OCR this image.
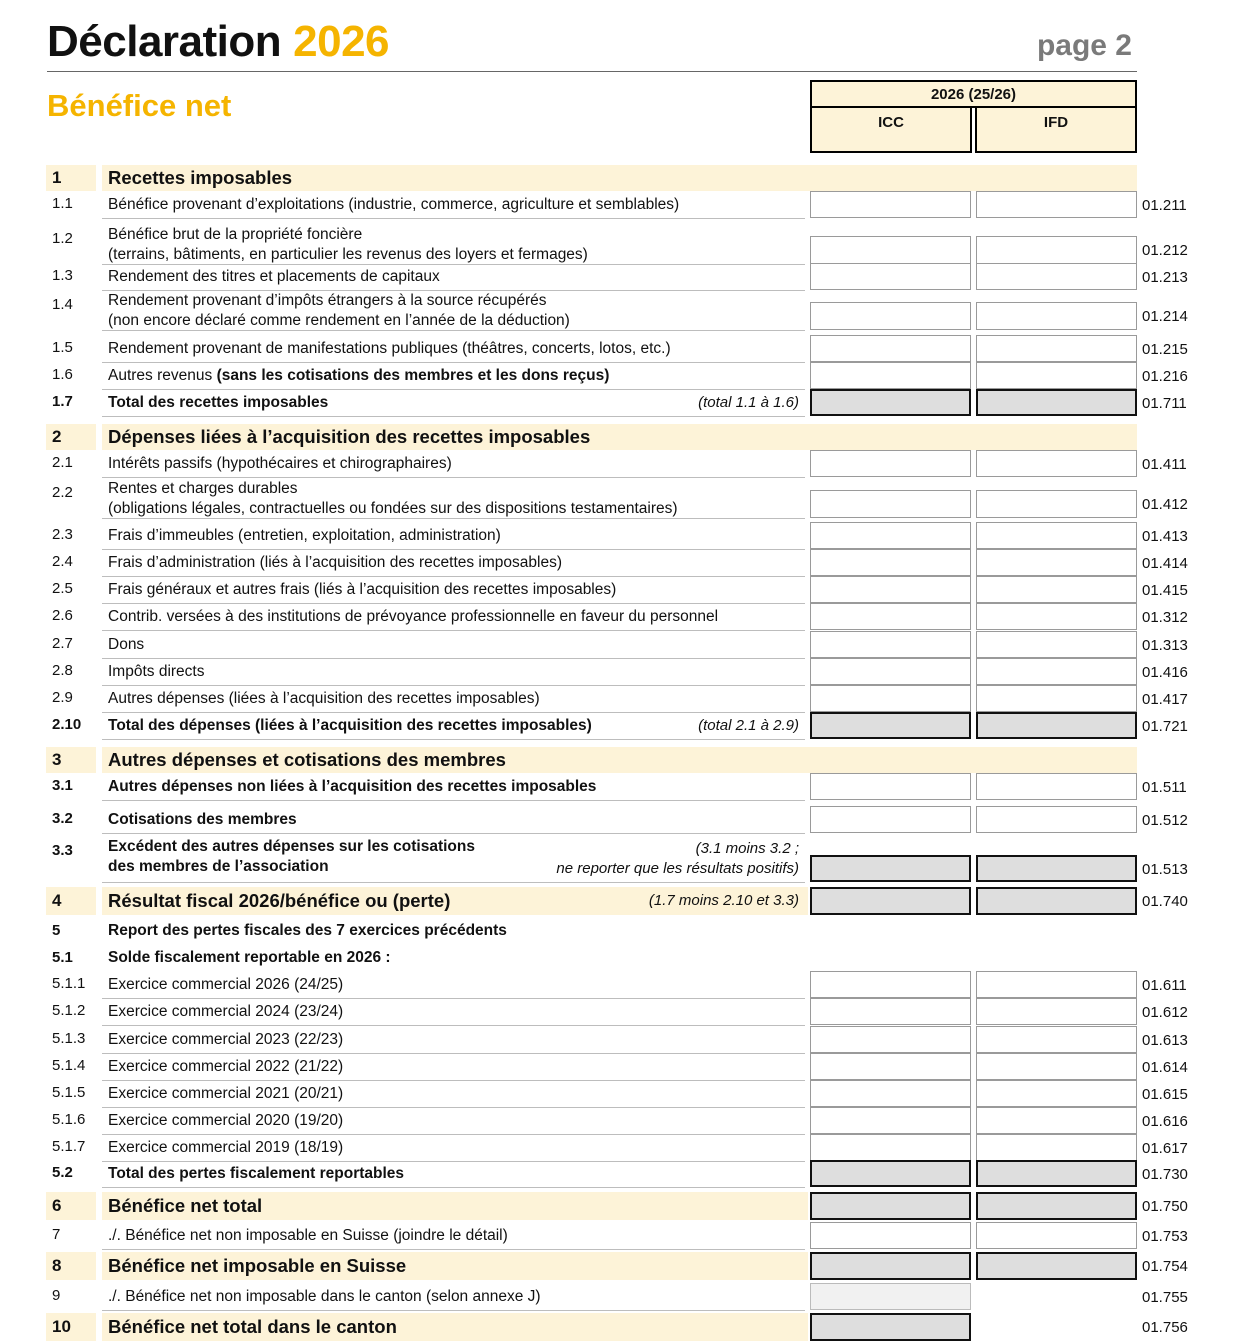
Déclaration 2026	page 2
Bénéfice net	2026 (25/26)
ICC	IFD
1	Recettes imposables
1.1 Bénéfice provenant d’exploitations (industrie, commerce, agriculture et semblables)	01.211
1.2 Bénéfice brut de la propriété foncière
(terrains, bâtiments, en particulier les revenus des loyers et fermages)	01.212
1.3 Rendement des titres et placements de capitaux	01.213
1.4 Rendement provenant d’impôts étrangers à la source récupérés
(non encore déclaré comme rendement en l’année de la déduction)	01.214
1.5 Rendement provenant de manifestations publiques (théâtres, concerts, lotos, etc.)	01.215
1.6 Autres revenus (sans les cotisations des membres et les dons reçus)	01.216
1.7 Total des recettes imposables	(total 1.1 à 1.6)	01.711
2	Dépenses liées à l’acquisition des recettes imposables
2.1 Intérêts passifs (hypothécaires et chirographaires)	01.411
2.2 Rentes et charges durables
(obligations légales, contractuelles ou fondées sur des dispositions testamentaires)	01.412
2.3 Frais d’immeubles (entretien, exploitation, administration)	01.413
2.4 Frais d’administration (liés à l’acquisition des recettes imposables)	01.414
2.5 Frais généraux et autres frais (liés à l’acquisition des recettes imposables)	01.415
2.6 Contrib. versées à des institutions de prévoyance professionnelle en faveur du personnel	01.312
2.7 Dons	01.313
2.8 Impôts directs	01.416
2.9 Autres dépenses (liées à l’acquisition des recettes imposables)	01.417
2.10 Total des dépenses (liées à l’acquisition des recettes imposables)	(total 2.1 à 2.9)	01.721
3	Autres dépenses et cotisations des membres
3.1 Autres dépenses non liées à l’acquisition des recettes imposables	01.511
3.2 Cotisations des membres	01.512
3.3 Excédent des autres dépenses sur les cotisations
des membres de l’association
(3.1 moins 3.2 ;
ne reporter que les résultats positifs)	01.513
4	Résultat fiscal 2026/bénéfice ou (perte)	(1.7 moins 2.10 et 3.3)	01.740
5	Report des pertes fiscales des 7 exercices précédents
5.1 Solde fiscalement reportable en 2026 :
5.1.1 Exercice commercial 2026 (24/25)	01.611
5.1.2 Exercice commercial 2024 (23/24)	01.612
5.1.3 Exercice commercial 2023 (22/23)	01.613
5.1.4 Exercice commercial 2022 (21/22)	01.614
5.1.5 Exercice commercial 2021 (20/21)	01.615
5.1.6 Exercice commercial 2020 (19/20)	01.616
5.1.7 Exercice commercial 2019 (18/19)	01.617
5.2 Total des pertes fiscalement reportables	01.730
6	Bénéfice net total	01.750
7	./. Bénéfice net non imposable en Suisse (joindre le détail)	01.753
8	Bénéfice net imposable en Suisse	01.754
9	./. Bénéfice net non imposable dans le canton (selon annexe J)	01.755
10 Bénéfice net total dans le canton	01.756
